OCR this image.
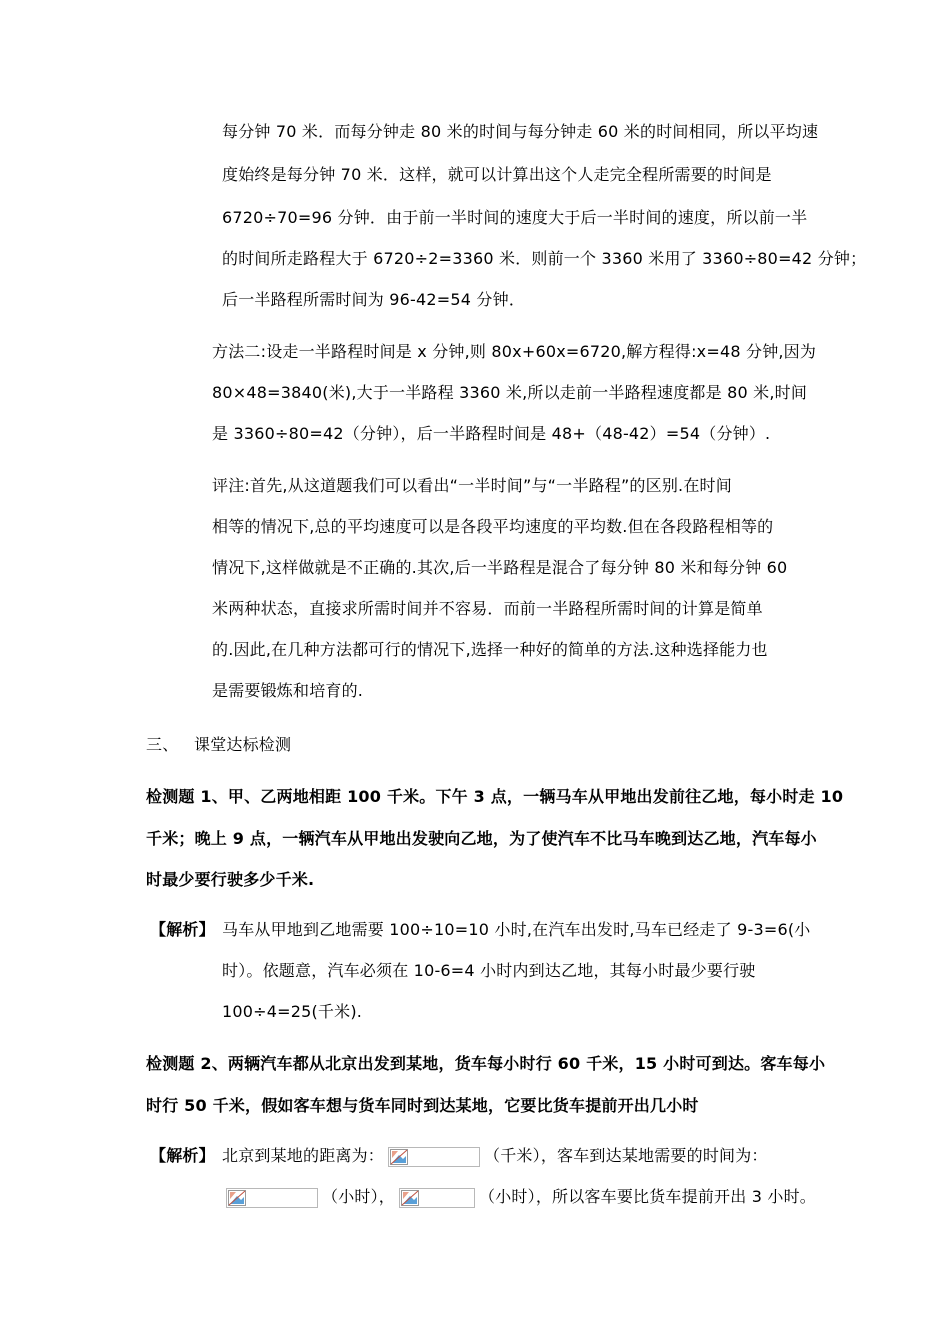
每分钟 70 米．而每分钟走 80 米的时间与每分钟走 60 米的时间相同，所以平均速
度始终是每分钟 70 米．这样，就可以计算出这个人走完全程所需要的时间是
6720÷70=96 分钟．由于前一半时间的速度大于后一半时间的速度，所以前一半
的时间所走路程大于 6720÷2=3360 米．则前一个 3360 米用了 3360÷80=42 分钟；
后一半路程所需时间为 96-42=54 分钟．
方法二:设走一半路程时间是 x 分钟,则 80x+60x=6720,解方程得:x=48 分钟,因为
80×48=3840(米),大于一半路程 3360 米,所以走前一半路程速度都是 80 米,时间
是 3360÷80=42（分钟），后一半路程时间是 48+（48-42）=54（分钟）.
评注:首先,从这道题我们可以看出“一半时间”与“一半路程”的区别.在时间
相等的情况下,总的平均速度可以是各段平均速度的平均数.但在各段路程相等的
情况下,这样做就是不正确的.其次,后一半路程是混合了每分钟 80 米和每分钟 60
米两种状态，直接求所需时间并不容易．而前一半路程所需时间的计算是简单
的.因此,在几种方法都可行的情况下,选择一种好的简单的方法.这种选择能力也
是需要锻炼和培育的.
三、 课堂达标检测
检测题 1、甲、乙两地相距 100 千米。下午 3 点，一辆马车从甲地出发前往乙地，每小时走 10
千米；晚上 9 点，一辆汽车从甲地出发驶向乙地，为了使汽车不比马车晚到达乙地，汽车每小
时最少要行驶多少千米.
【解析】 马车从甲地到乙地需要 100÷10=10 小时,在汽车出发时,马车已经走了 9-3=6(小
时）。依题意，汽车必须在 10-6=4 小时内到达乙地，其每小时最少要行驶
100÷4=25(千米).
检测题 2、两辆汽车都从北京出发到某地，货车每小时行 60 千米，15 小时可到达。客车每小
时行 50 千米，假如客车想与货车同时到达某地，它要比货车提前开出几小时
【解析】 北京到某地的距离为：	（千米），客车到达某地需要的时间为：
（小时），	（小时），所以客车要比货车提前开出 3 小时。
